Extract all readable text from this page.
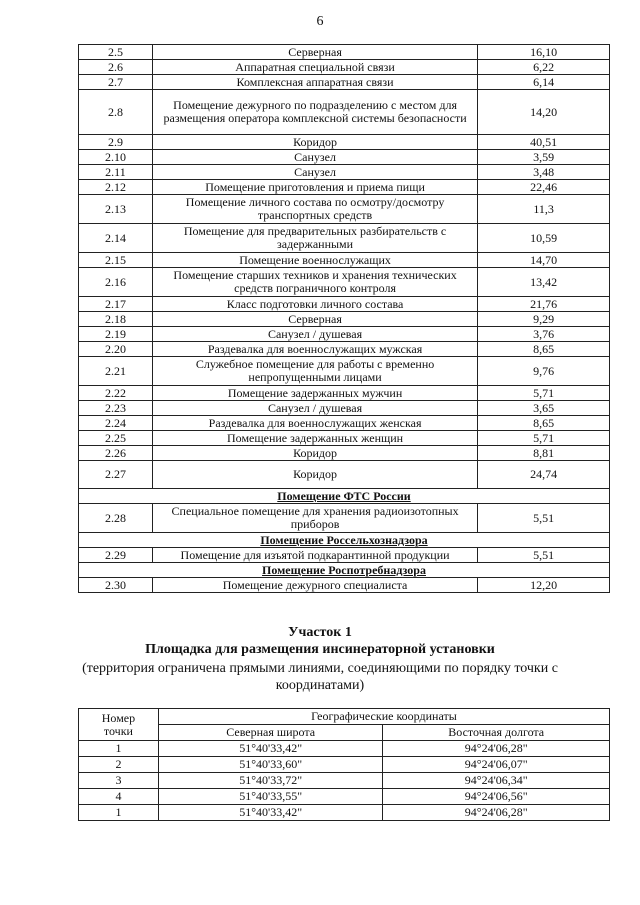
6
2.5	Серверная	16,10
2.6	Аппаратная специальной связи	6,22
2.7	Комплексная аппаратная связи	6,14
2.8	Помещение дежурного по подразделению с местом для размещения оператора комплексной системы безопасности	14,20
2.9	Коридор	40,51
2.10	Санузел	3,59
2.11	Санузел	3,48
2.12	Помещение приготовления и приема пищи	22,46
2.13	Помещение личного состава по осмотру/досмотру транспортных средств	11,3
2.14	Помещение для предварительных разбирательств с задержанными	10,59
2.15	Помещение военнослужащих	14,70
2.16	Помещение старших техников и хранения технических средств пограничного контроля	13,42
2.17	Класс подготовки личного состава	21,76
2.18	Серверная	9,29
2.19	Санузел / душевая	3,76
2.20	Раздевалка для военнослужащих мужская	8,65
2.21	Служебное помещение для работы с временно непропущенными лицами	9,76
2.22	Помещение задержанных мужчин	5,71
2.23	Санузел / душевая	3,65
2.24	Раздевалка для военнослужащих женская	8,65
2.25	Помещение задержанных женщин	5,71
2.26	Коридор	8,81
2.27	Коридор	24,74
Помещение ФТС России		
2.28	Специальное помещение для хранения радиоизотопных приборов	5,51
Помещение Россельхознадзора		
2.29	Помещение для изъятой подкарантинной продукции	5,51
Помещение Роспотребнадзора		
2.30	Помещение дежурного специалиста	12,20
Участок 1
Площадка для размещения инсинераторной установки
(территория ограничена прямыми линиями, соединяющими по порядку точки с
координатами)
Номер
точки	Географические координаты	
	Северная широта	Восточная долгота
1	51°40'33,42"	94°24'06,28"
2	51°40'33,60"	94°24'06,07"
3	51°40'33,72"	94°24'06,34"
4	51°40'33,55"	94°24'06,56"
1	51°40'33,42"	94°24'06,28"
